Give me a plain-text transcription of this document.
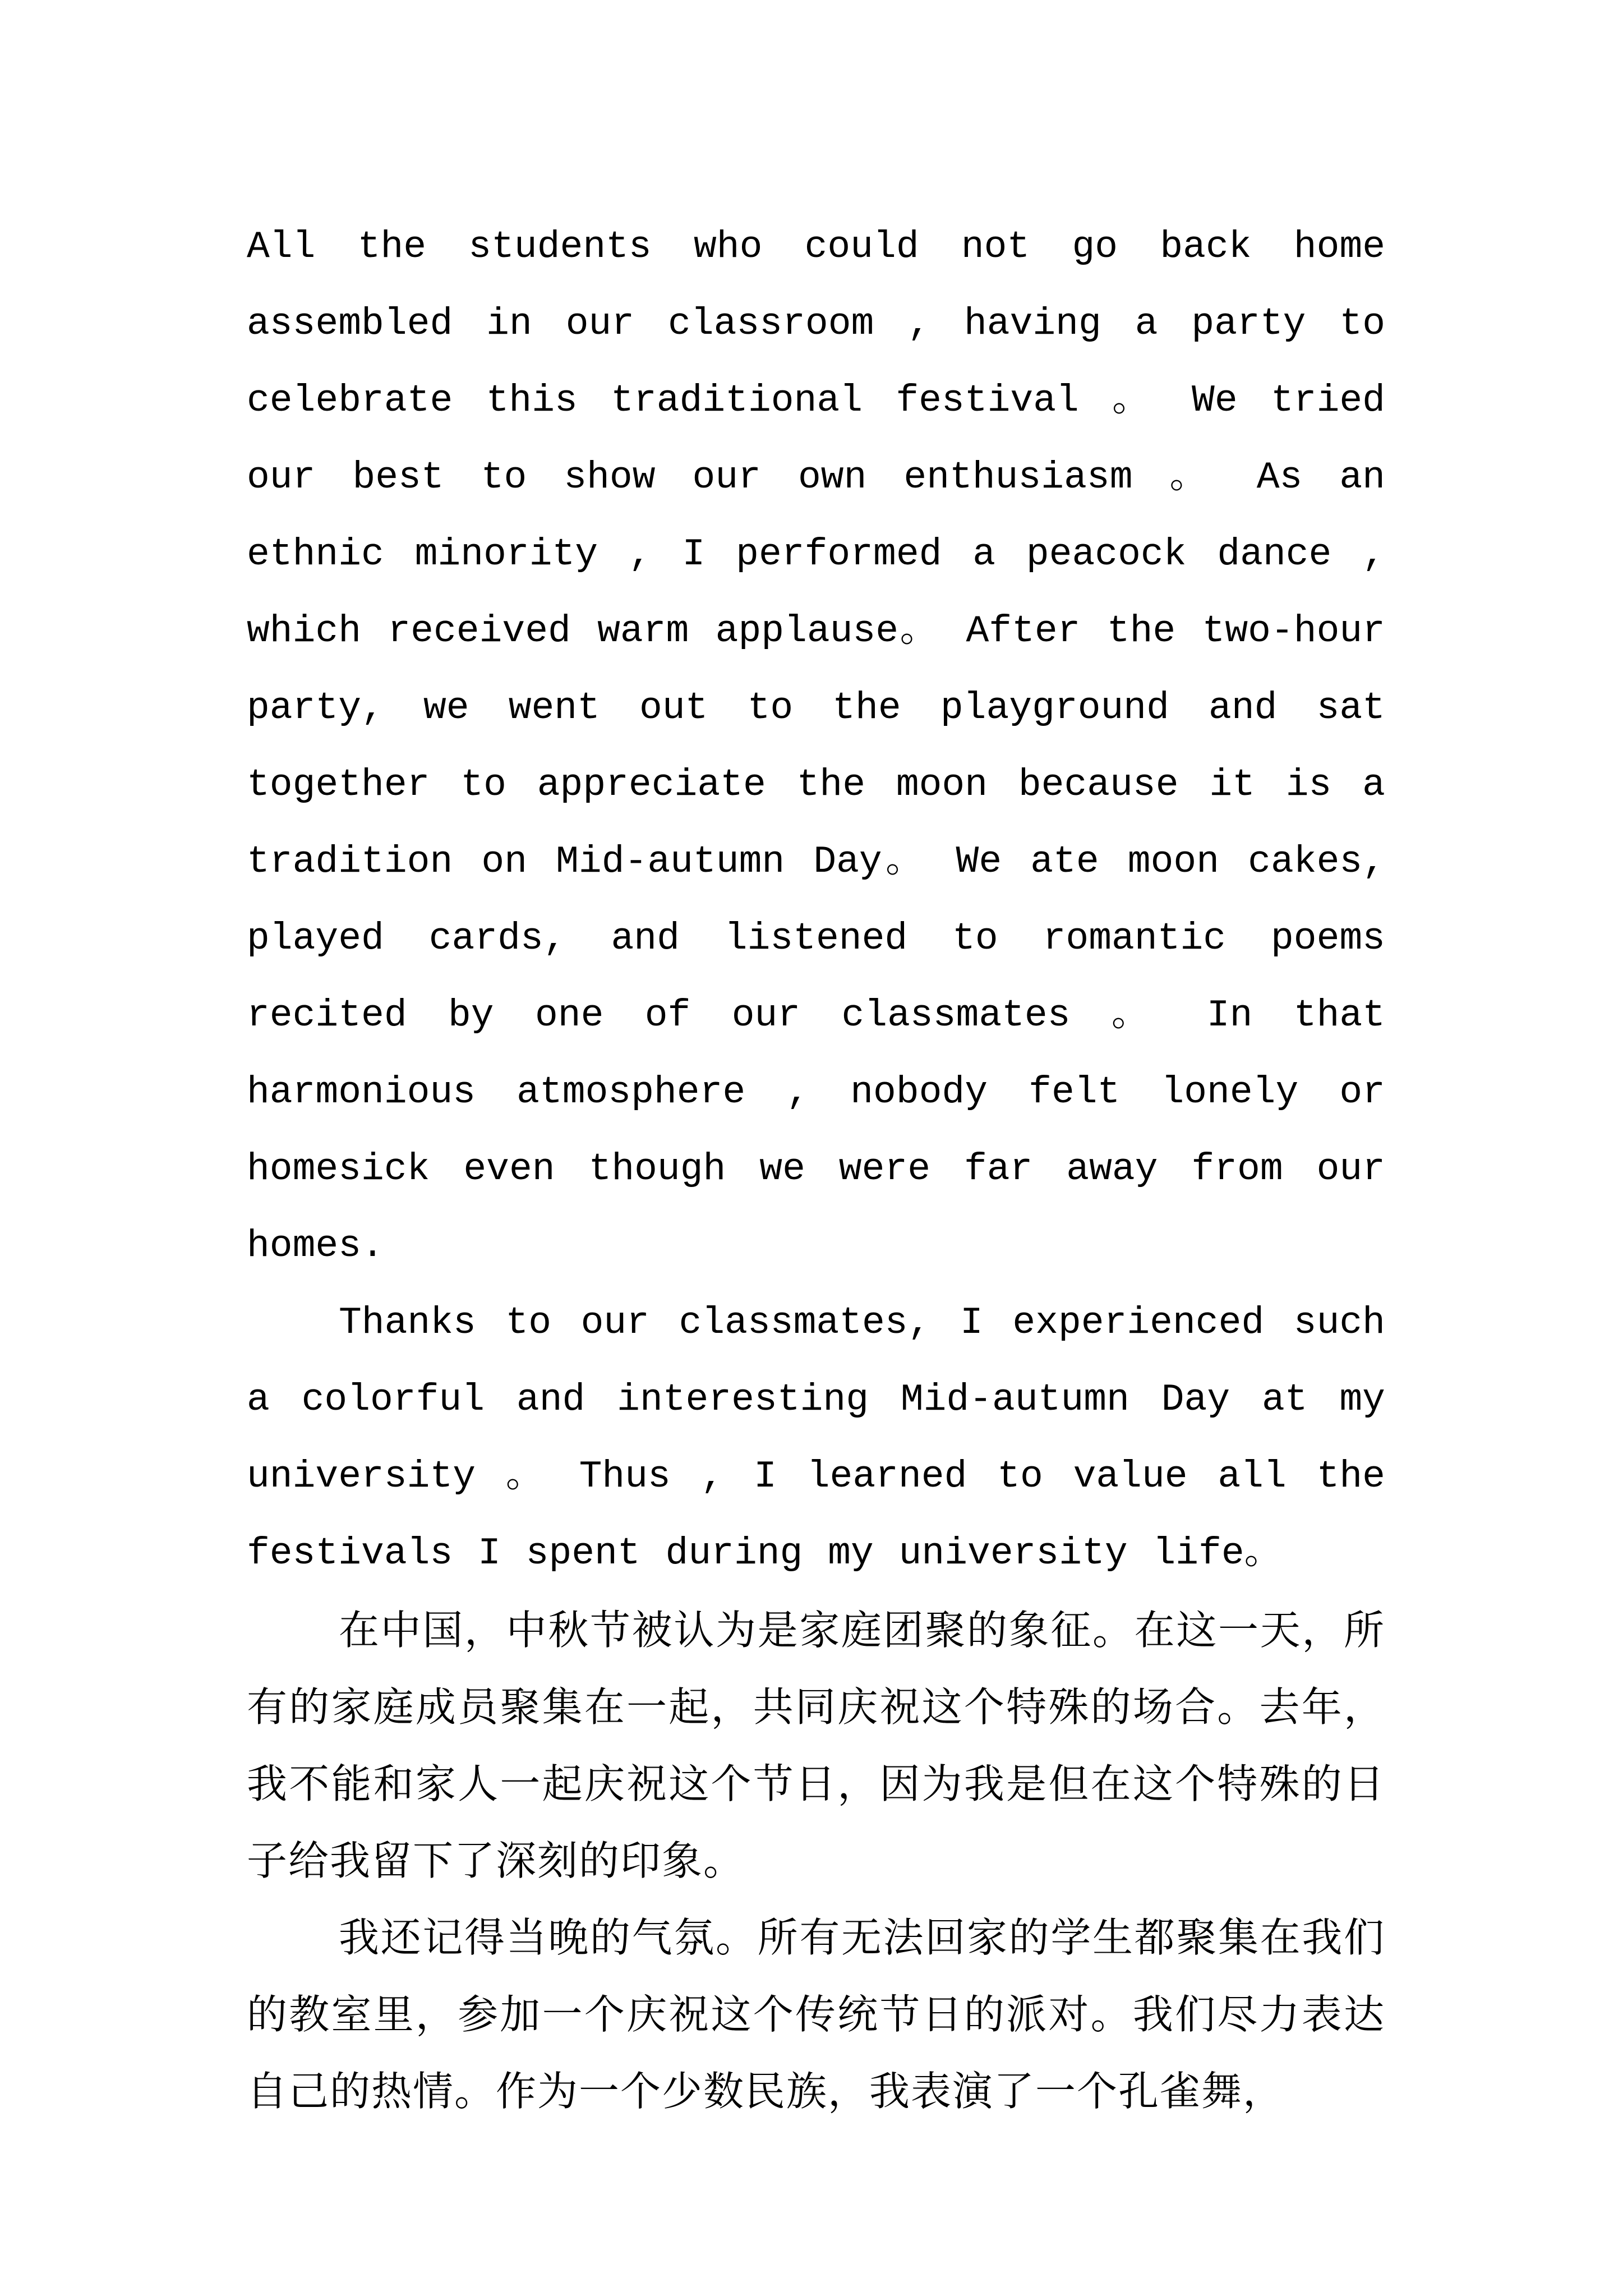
All the students who could not go back home assembled in our classroom , having a party to celebrate this traditional festival 。 We tried our best to show our own enthusiasm 。 As an ethnic minority , I performed a peacock dance , which received warm applause。 After the two-hour party, we went out to the playground and sat together to appreciate the moon because it is a tradition on Mid-autumn Day。 We ate moon cakes, played cards, and listened to romantic poems recited by one of our classmates 。 In that harmonious atmosphere , nobody felt lonely or homesick even though we were far away from our homes.

Thanks to our classmates, I experienced such a colorful and interesting Mid-autumn Day at my university 。 Thus , I learned to value all the festivals I spent during my university life。

在中国，中秋节被认为是家庭团聚的象征。在这一天，所有的家庭成员聚集在一起，共同庆祝这个特殊的场合。去年，我不能和家人一起庆祝这个节日，因为我是但在这个特殊的日子给我留下了深刻的印象。

我还记得当晚的气氛。所有无法回家的学生都聚集在我们的教室里，参加一个庆祝这个传统节日的派对。我们尽力表达自己的热情。作为一个少数民族，我表演了一个孔雀舞，
